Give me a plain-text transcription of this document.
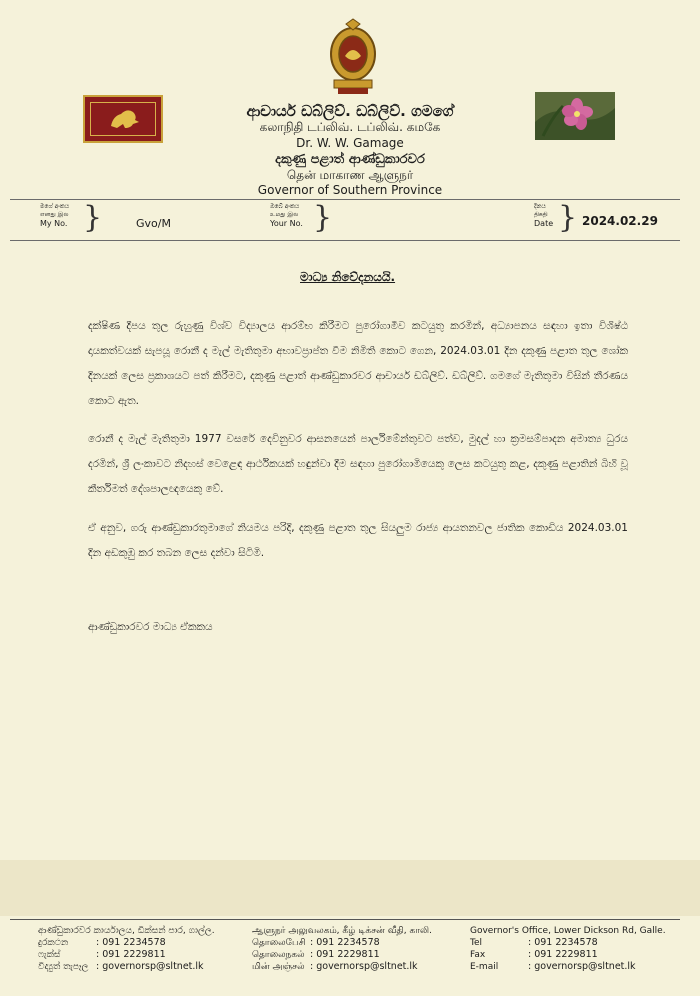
ආචාර්ය ඩබ්ලිව්. ඩබ්ලිව්. ගමගේ
கலாநிதி டப்லிவ். டப்லிவ். கமகே
Dr. W. W. Gamage
දකුණු පළාත් ආණ්ඩුකාරවර
தென் மாகாண ஆளுநர்
Governor of Southern Province
මගේ අංකය
எனது இல
My No. }	Gvo/M
ඔබේ අංකය
உமது இல
Your No. }	දිනය
திகதி
Date } 2024.02.29
මාධ්‍ය නිවේදනයයි.
දක්ෂිණ දීපය තුල රුහුණු විශ්ව විද්‍යාලය ආරම්භ කිරීමට පුරෝගාමීව කටයුතු කරමින්, අධ්‍යාපනය සඳහා ඉතා විශිෂ්ඨ දායකත්වයක් සැපයූ රොනී ද මැල් මැතිතුමා අභාවප්‍රාප්ත වීම නිමිති කොට ගෙන, 2024.03.01 දින දකුණු පළාත තුල ශෝක දිනයක් ලෙස ප්‍රකාශයට පත් කිරීමට, දකුණු පළාත් ආණ්ඩුකාරවර ආචාර්ය ඩබ්ලිව්. ඩබ්ලිව්. ගමගේ මැතිතුමා විසින් තීරණය කොට ඇත.
රොනී ද මැල් මැතිතුමා 1977 වසරේ දෙවිනුවර ආසනයෙන් පාර්ලිමේන්තුවට පත්ව, මුදල් හා ක්‍රමසම්පාදන අමාත්‍ය ධුරය දරමින්, ශ්‍රී ලංකාවට නිදහස් වෙළෙඳ ආර්ථිකයක් හඳුන්වා දීම සඳහා පුරෝගාමියෙකු ලෙස කටයුතු කළ, දකුණු පළාතින් බිහි වූ කීර්තිමත් දේශපාලඥයෙකු වේ.
ඒ අනුව, ගරු ආණ්ඩුකාරතුමාගේ නියමය පරිදි, දකුණු පළාත තුල සියලුම රාජ්‍ය ආයතනවල ජාතික කොඩිය 2024.03.01 දින අඩකුඹු කර තබන ලෙස දන්වා සිටිමි.
ආණ්ඩුකාරවර මාධ්‍ය ඒකකය
ආණ්ඩුකාරවර කාර්යාලය, ඩික්සන් පාර, ගාල්ල.
දුරකථන	: 091 2234578
ෆැක්ස්	: 091 2229811
විද්‍යුත් තැපෑල : governorsp@sltnet.lk
ஆளுநர் அலுவலகம், கீழ் டிக்சன் வீதி, காலி.
தொலைபேசி : 091 2234578
தொலைநகல் : 091 2229811
மின் அஞ்சல் : governorsp@sltnet.lk
Governor's Office, Lower Dickson Rd, Galle.
Tel	: 091 2234578
Fax	: 091 2229811
E-mail	: governorsp@sltnet.lk
